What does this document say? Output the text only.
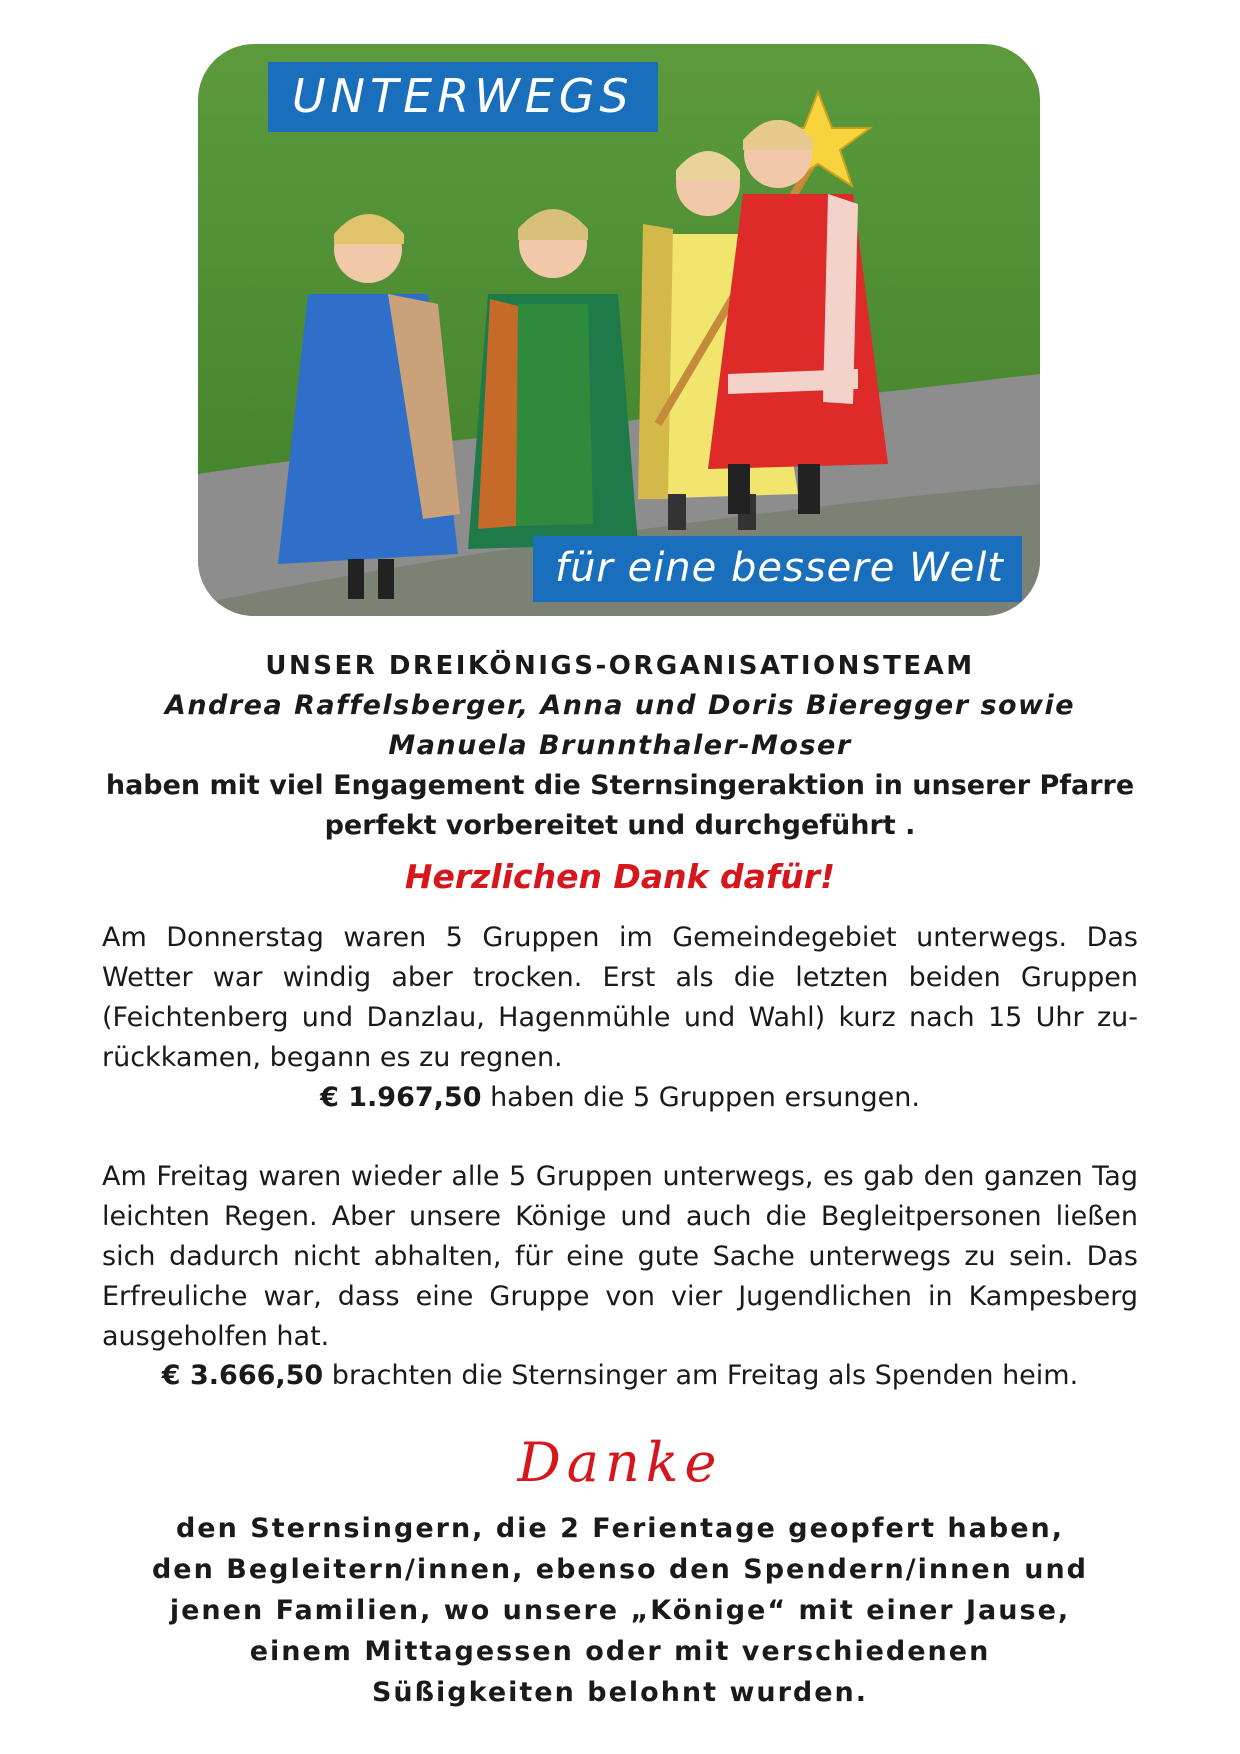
UNTERWEGS
für eine bessere Welt
UNSER DREIKÖNIGS-ORGANISATIONSTEAM
Andrea Raffelsberger, Anna und Doris Bieregger sowie
Manuela Brunnthaler-Moser
haben mit viel Engagement die Sternsingeraktion in unserer Pfarre
perfekt vorbereitet und durchgeführt .
Herzlichen Dank dafür!

Am Donnerstag waren 5 Gruppen im Gemeindegebiet unterwegs. Das Wetter war windig aber trocken. Erst als die letzten beiden Gruppen (Feichtenberg und Danzlau, Hagenmühle und Wahl) kurz nach 15 Uhr zurückkamen, begann es zu regnen.

€ 1.967,50 haben die 5 Gruppen ersungen.

Am Freitag waren wieder alle 5 Gruppen unterwegs, es gab den ganzen Tag leichten Regen. Aber unsere Könige und auch die Begleitpersonen ließen sich dadurch nicht abhalten, für eine gute Sache unterwegs zu sein. Das Erfreuliche war, dass eine Gruppe von vier Jugendlichen in Kampesberg ausgeholfen hat.

€ 3.666,50 brachten die Sternsinger am Freitag als Spenden heim.
Danke
den Sternsingern, die 2 Ferientage geopfert haben,
den Begleitern/innen, ebenso den Spendern/innen und
jenen Familien, wo unsere „Könige“ mit einer Jause,
einem Mittagessen oder mit verschiedenen
Süßigkeiten belohnt wurden.
